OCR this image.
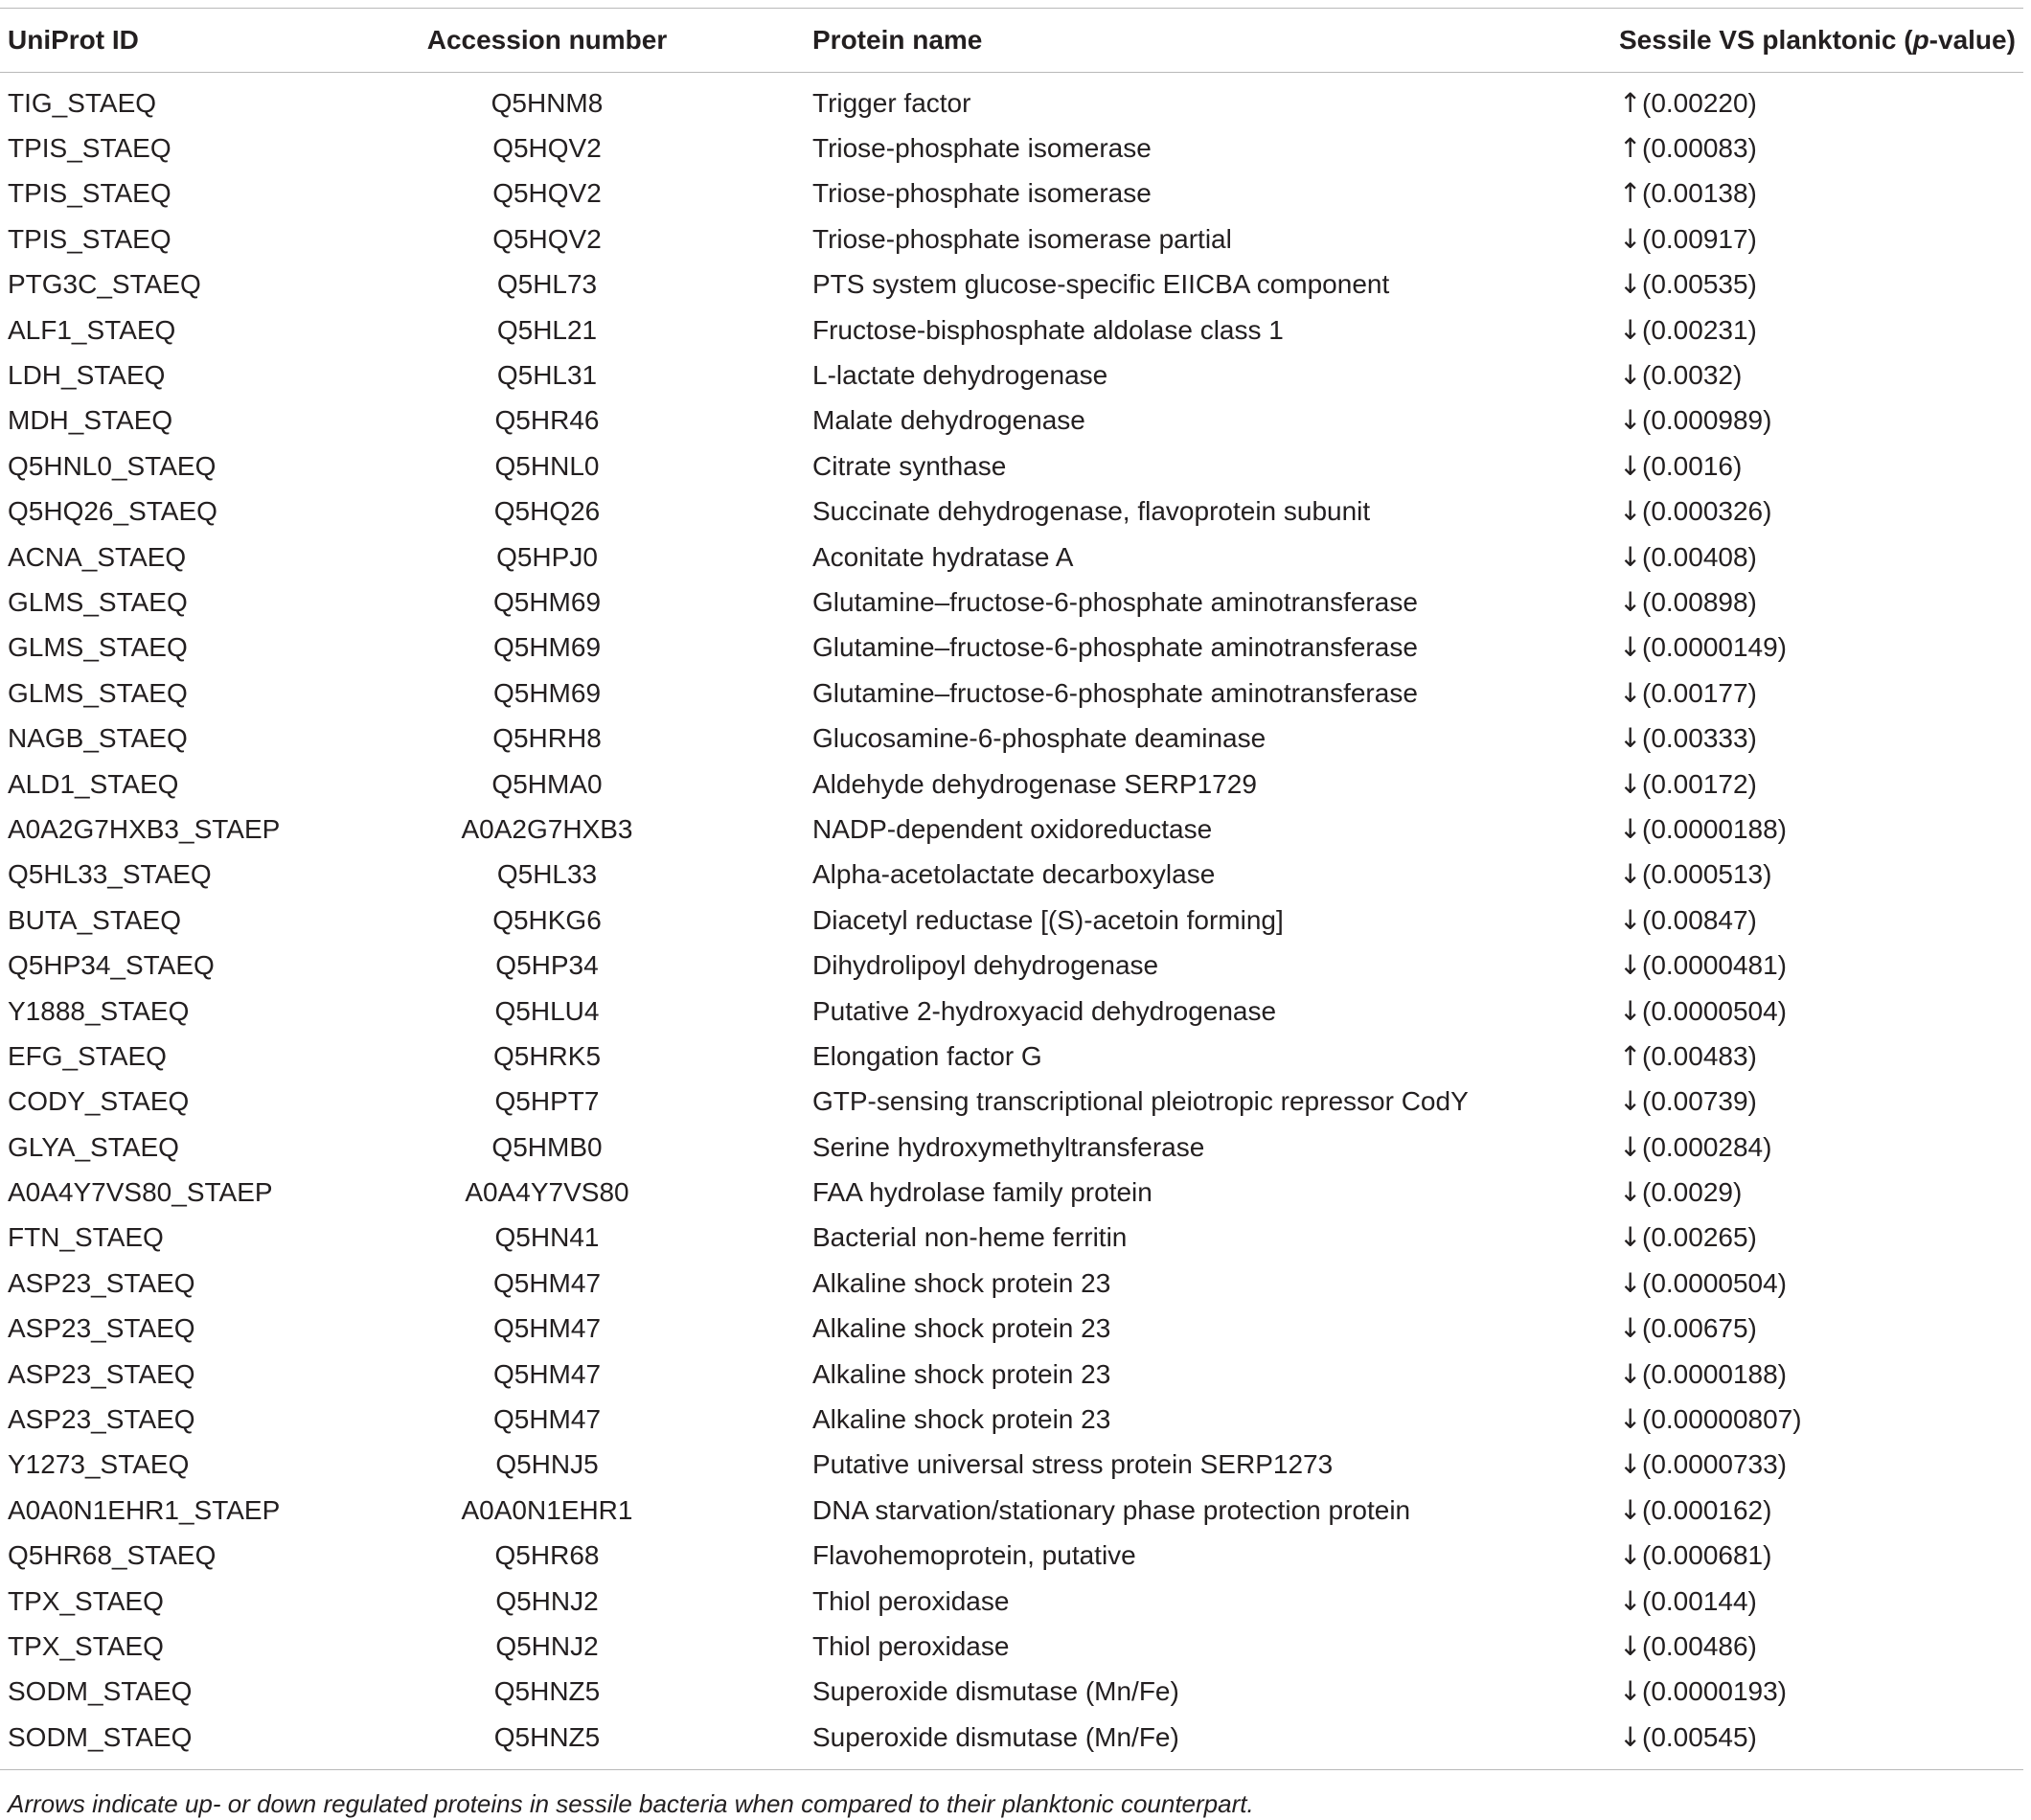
UniProt ID	Accession number	Protein name	Sessile VS planktonic (p-value)
TIG_STAEQ	Q5HNM8	Trigger factor	↑(0.00220)
TPIS_STAEQ	Q5HQV2	Triose-phosphate isomerase	↑(0.00083)
TPIS_STAEQ	Q5HQV2	Triose-phosphate isomerase	↑(0.00138)
TPIS_STAEQ	Q5HQV2	Triose-phosphate isomerase partial	↓(0.00917)
PTG3C_STAEQ	Q5HL73	PTS system glucose-specific EIICBA component	↓(0.00535)
ALF1_STAEQ	Q5HL21	Fructose-bisphosphate aldolase class 1	↓(0.00231)
LDH_STAEQ	Q5HL31	L-lactate dehydrogenase	↓(0.0032)
MDH_STAEQ	Q5HR46	Malate dehydrogenase	↓(0.000989)
Q5HNL0_STAEQ	Q5HNL0	Citrate synthase	↓(0.0016)
Q5HQ26_STAEQ	Q5HQ26	Succinate dehydrogenase, flavoprotein subunit	↓(0.000326)
ACNA_STAEQ	Q5HPJ0	Aconitate hydratase A	↓(0.00408)
GLMS_STAEQ	Q5HM69	Glutamine–fructose-6-phosphate aminotransferase	↓(0.00898)
GLMS_STAEQ	Q5HM69	Glutamine–fructose-6-phosphate aminotransferase	↓(0.0000149)
GLMS_STAEQ	Q5HM69	Glutamine–fructose-6-phosphate aminotransferase	↓(0.00177)
NAGB_STAEQ	Q5HRH8	Glucosamine-6-phosphate deaminase	↓(0.00333)
ALD1_STAEQ	Q5HMA0	Aldehyde dehydrogenase SERP1729	↓(0.00172)
A0A2G7HXB3_STAEP	A0A2G7HXB3	NADP-dependent oxidoreductase	↓(0.0000188)
Q5HL33_STAEQ	Q5HL33	Alpha-acetolactate decarboxylase	↓(0.000513)
BUTA_STAEQ	Q5HKG6	Diacetyl reductase [(S)-acetoin forming]	↓(0.00847)
Q5HP34_STAEQ	Q5HP34	Dihydrolipoyl dehydrogenase	↓(0.0000481)
Y1888_STAEQ	Q5HLU4	Putative 2-hydroxyacid dehydrogenase	↓(0.0000504)
EFG_STAEQ	Q5HRK5	Elongation factor G	↑(0.00483)
CODY_STAEQ	Q5HPT7	GTP-sensing transcriptional pleiotropic repressor CodY	↓(0.00739)
GLYA_STAEQ	Q5HMB0	Serine hydroxymethyltransferase	↓(0.000284)
A0A4Y7VS80_STAEP	A0A4Y7VS80	FAA hydrolase family protein	↓(0.0029)
FTN_STAEQ	Q5HN41	Bacterial non-heme ferritin	↓(0.00265)
ASP23_STAEQ	Q5HM47	Alkaline shock protein 23	↓(0.0000504)
ASP23_STAEQ	Q5HM47	Alkaline shock protein 23	↓(0.00675)
ASP23_STAEQ	Q5HM47	Alkaline shock protein 23	↓(0.0000188)
ASP23_STAEQ	Q5HM47	Alkaline shock protein 23	↓(0.00000807)
Y1273_STAEQ	Q5HNJ5	Putative universal stress protein SERP1273	↓(0.0000733)
A0A0N1EHR1_STAEP	A0A0N1EHR1	DNA starvation/stationary phase protection protein	↓(0.000162)
Q5HR68_STAEQ	Q5HR68	Flavohemoprotein, putative	↓(0.000681)
TPX_STAEQ	Q5HNJ2	Thiol peroxidase	↓(0.00144)
TPX_STAEQ	Q5HNJ2	Thiol peroxidase	↓(0.00486)
SODM_STAEQ	Q5HNZ5	Superoxide dismutase (Mn/Fe)	↓(0.0000193)
SODM_STAEQ	Q5HNZ5	Superoxide dismutase (Mn/Fe)	↓(0.00545)
Arrows indicate up- or down regulated proteins in sessile bacteria when compared to their planktonic counterpart.
